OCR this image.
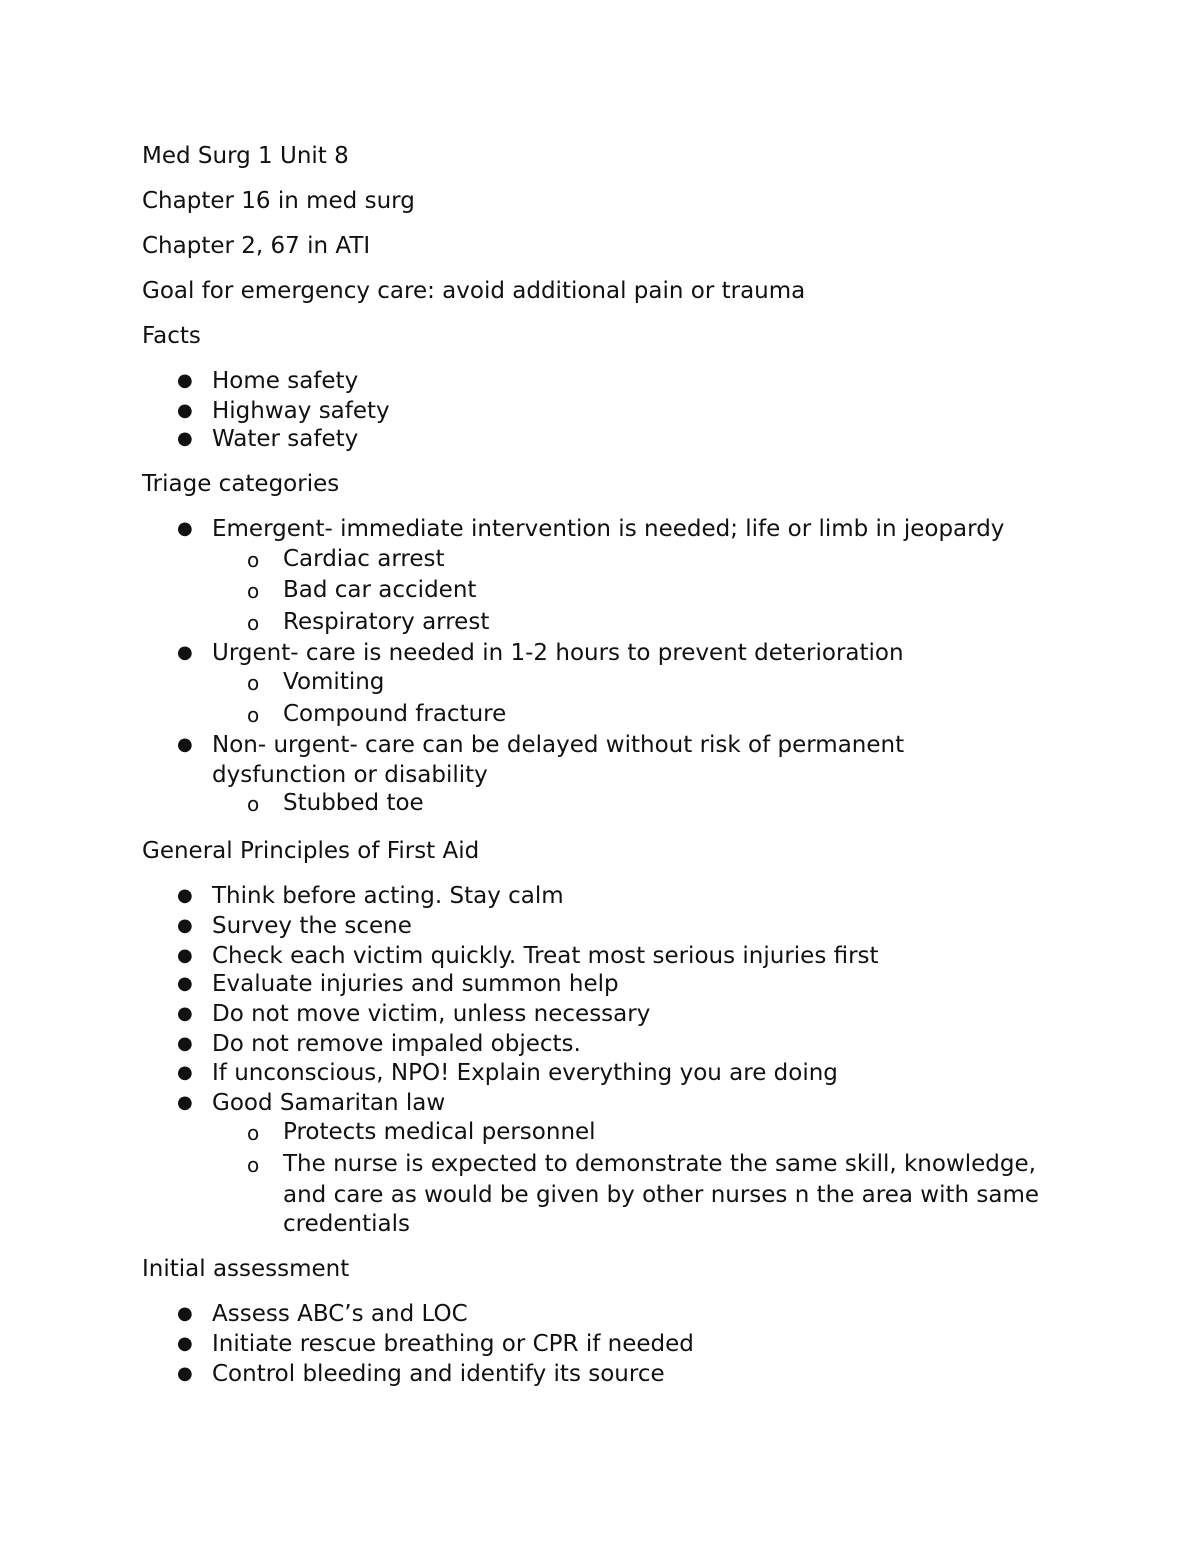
Med Surg 1 Unit 8

Chapter 16 in med surg

Chapter 2, 67 in ATI

Goal for emergency care: avoid additional pain or trauma

Facts

● Home safety
● Highway safety
● Water safety

Triage categories

● Emergent- immediate intervention is needed; life or limb in jeopardy
o Cardiac arrest
o Bad car accident
o Respiratory arrest
● Urgent- care is needed in 1-2 hours to prevent deterioration
o Vomiting
o Compound fracture
● Non- urgent- care can be delayed without risk of permanent
dysfunction or disability
o Stubbed toe

General Principles of First Aid

● Think before acting. Stay calm
● Survey the scene
● Check each victim quickly. Treat most serious injuries first
● Evaluate injuries and summon help
● Do not move victim, unless necessary
● Do not remove impaled objects.
● If unconscious, NPO! Explain everything you are doing
● Good Samaritan law
o Protects medical personnel
o The nurse is expected to demonstrate the same skill, knowledge,
and care as would be given by other nurses n the area with same
credentials

Initial assessment

● Assess ABC’s and LOC
● Initiate rescue breathing or CPR if needed
● Control bleeding and identify its source
